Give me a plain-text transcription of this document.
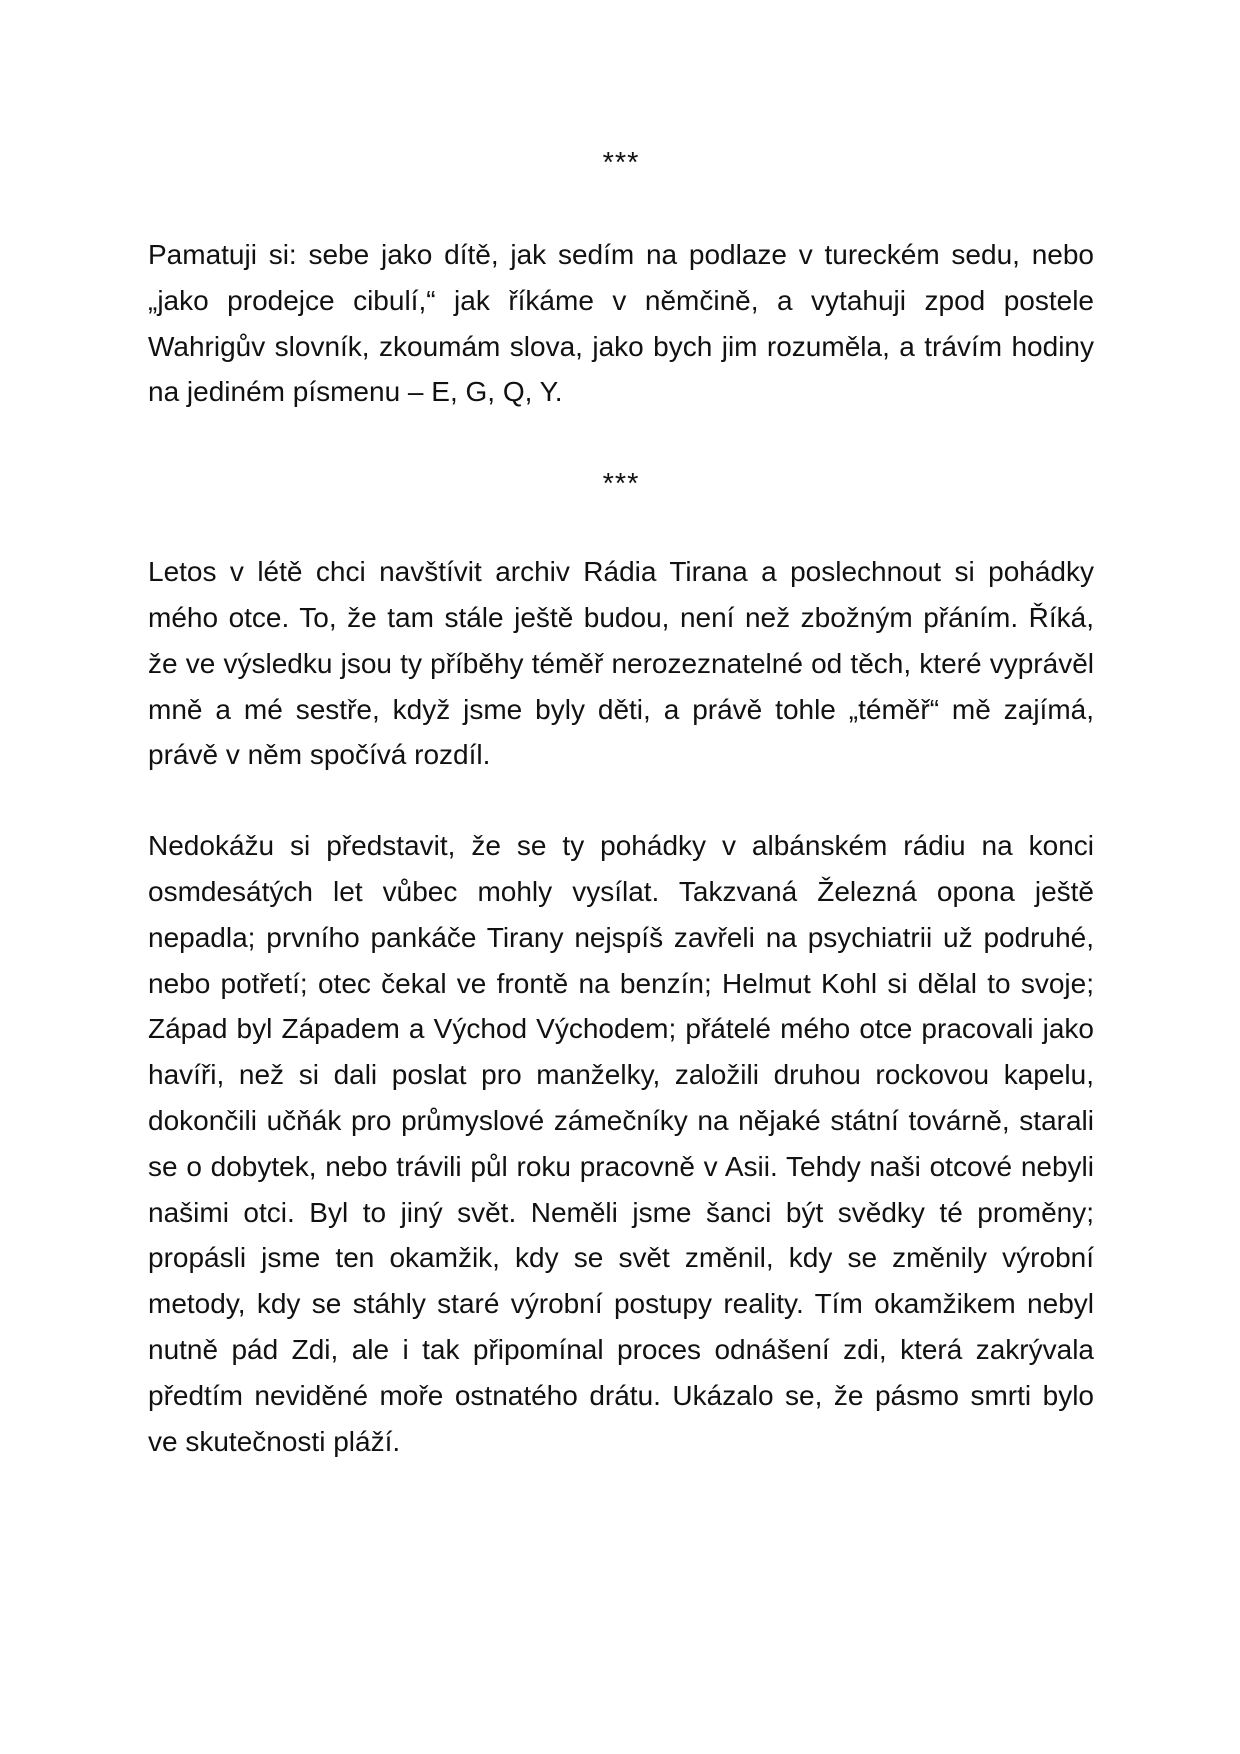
***

Pamatuji si: sebe jako dítě, jak sedím na podlaze v tureckém sedu, nebo „jako prodejce cibulí,“ jak říkáme v němčině, a vytahuji zpod postele Wahrigův slovník, zkoumám slova, jako bych jim rozuměla, a trávím hodiny na jediném písmenu – E, G, Q, Y.

***

Letos v létě chci navštívit archiv Rádia Tirana a poslechnout si pohádky mého otce. To, že tam stále ještě budou, není než zbožným přáním. Říká, že ve výsledku jsou ty příběhy téměř nerozeznatelné od těch, které vyprávěl mně a mé sestře, když jsme byly děti, a právě tohle „téměř“ mě zajímá, právě v něm spočívá rozdíl.

Nedokážu si představit, že se ty pohádky v albánském rádiu na konci osmdesátých let vůbec mohly vysílat. Takzvaná Železná opona ještě nepadla; prvního pankáče Tirany nejspíš zavřeli na psychiatrii už podruhé, nebo potřetí; otec čekal ve frontě na benzín; Helmut Kohl si dělal to svoje; Západ byl Západem a Východ Východem; přátelé mého otce pracovali jako havíři, než si dali poslat pro manželky, založili druhou rockovou kapelu, dokončili učňák pro průmyslové zámečníky na nějaké státní továrně, starali se o dobytek, nebo trávili půl roku pracovně v Asii. Tehdy naši otcové nebyli našimi otci. Byl to jiný svět. Neměli jsme šanci být svědky té proměny; propásli jsme ten okamžik, kdy se svět změnil, kdy se změnily výrobní metody, kdy se stáhly staré výrobní postupy reality. Tím okamžikem nebyl nutně pád Zdi, ale i tak připomínal proces odnášení zdi, která zakrývala předtím neviděné moře ostnatého drátu. Ukázalo se, že pásmo smrti bylo ve skutečnosti pláží.
